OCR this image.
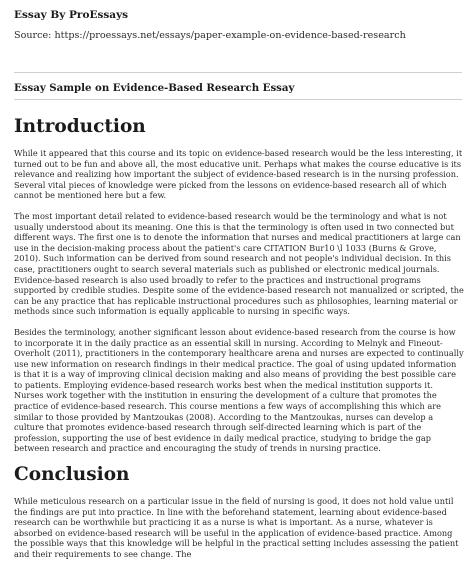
Essay By ProEssays
Source: https://proessays.net/essays/paper-example-on-evidence-based-research
Essay Sample on Evidence-Based Research Essay
Introduction

While it appeared that this course and its topic on evidence-based research would be the less interesting, it turned out to be fun and above all, the most educative unit. Perhaps what makes the course educative is its relevance and realizing how important the subject of evidence-based research is in the nursing profession. Several vital pieces of knowledge were picked from the lessons on evidence-based research all of which cannot be mentioned here but a few.

The most important detail related to evidence-based research would be the terminology and what is not usually understood about its meaning. One this is that the terminology is often used in two connected but different ways. The first one is to denote the information that nurses and medical practitioners at large can use in the decision-making process about the patient's care CITATION Bur10 \l 1033 (Burns & Grove, 2010). Such information can be derived from sound research and not people's individual decision. In this case, practitioners ought to search several materials such as published or electronic medical journals. Evidence-based research is also used broadly to refer to the practices and instructional programs supported by credible studies. Despite some of the evidence-based research not manualized or scripted, the can be any practice that has replicable instructional procedures such as philosophies, learning material or methods since such information is equally applicable to nursing in specific ways.

Besides the terminology, another significant lesson about evidence-based research from the course is how to incorporate it in the daily practice as an essential skill in nursing. According to Melnyk and Fineout-Overholt (2011), practitioners in the contemporary healthcare arena and nurses are expected to continually use new information on research findings in their medical practice. The goal of using updated information is that it is a way of improving clinical decision making and also means of providing the best possible care to patients. Employing evidence-based research works best when the medical institution supports it. Nurses work together with the institution in ensuring the development of a culture that promotes the practice of evidence-based research. This course mentions a few ways of accomplishing this which are similar to those provided by Mantzoukas (2008). According to the Mantzoukas, nurses can develop a culture that promotes evidence-based research through self-directed learning which is part of the profession, supporting the use of best evidence in daily medical practice, studying to bridge the gap between research and practice and encouraging the study of trends in nursing practice.

Conclusion

While meticulous research on a particular issue in the field of nursing is good, it does not hold value until the findings are put into practice. In line with the beforehand statement, learning about evidence-based research can be worthwhile but practicing it as a nurse is what is important. As a nurse, whatever is absorbed on evidence-based research will be useful in the application of evidence-based practice. Among the possible ways that this knowledge will be helpful in the practical setting includes assessing the patient and their requirements to see change. The
